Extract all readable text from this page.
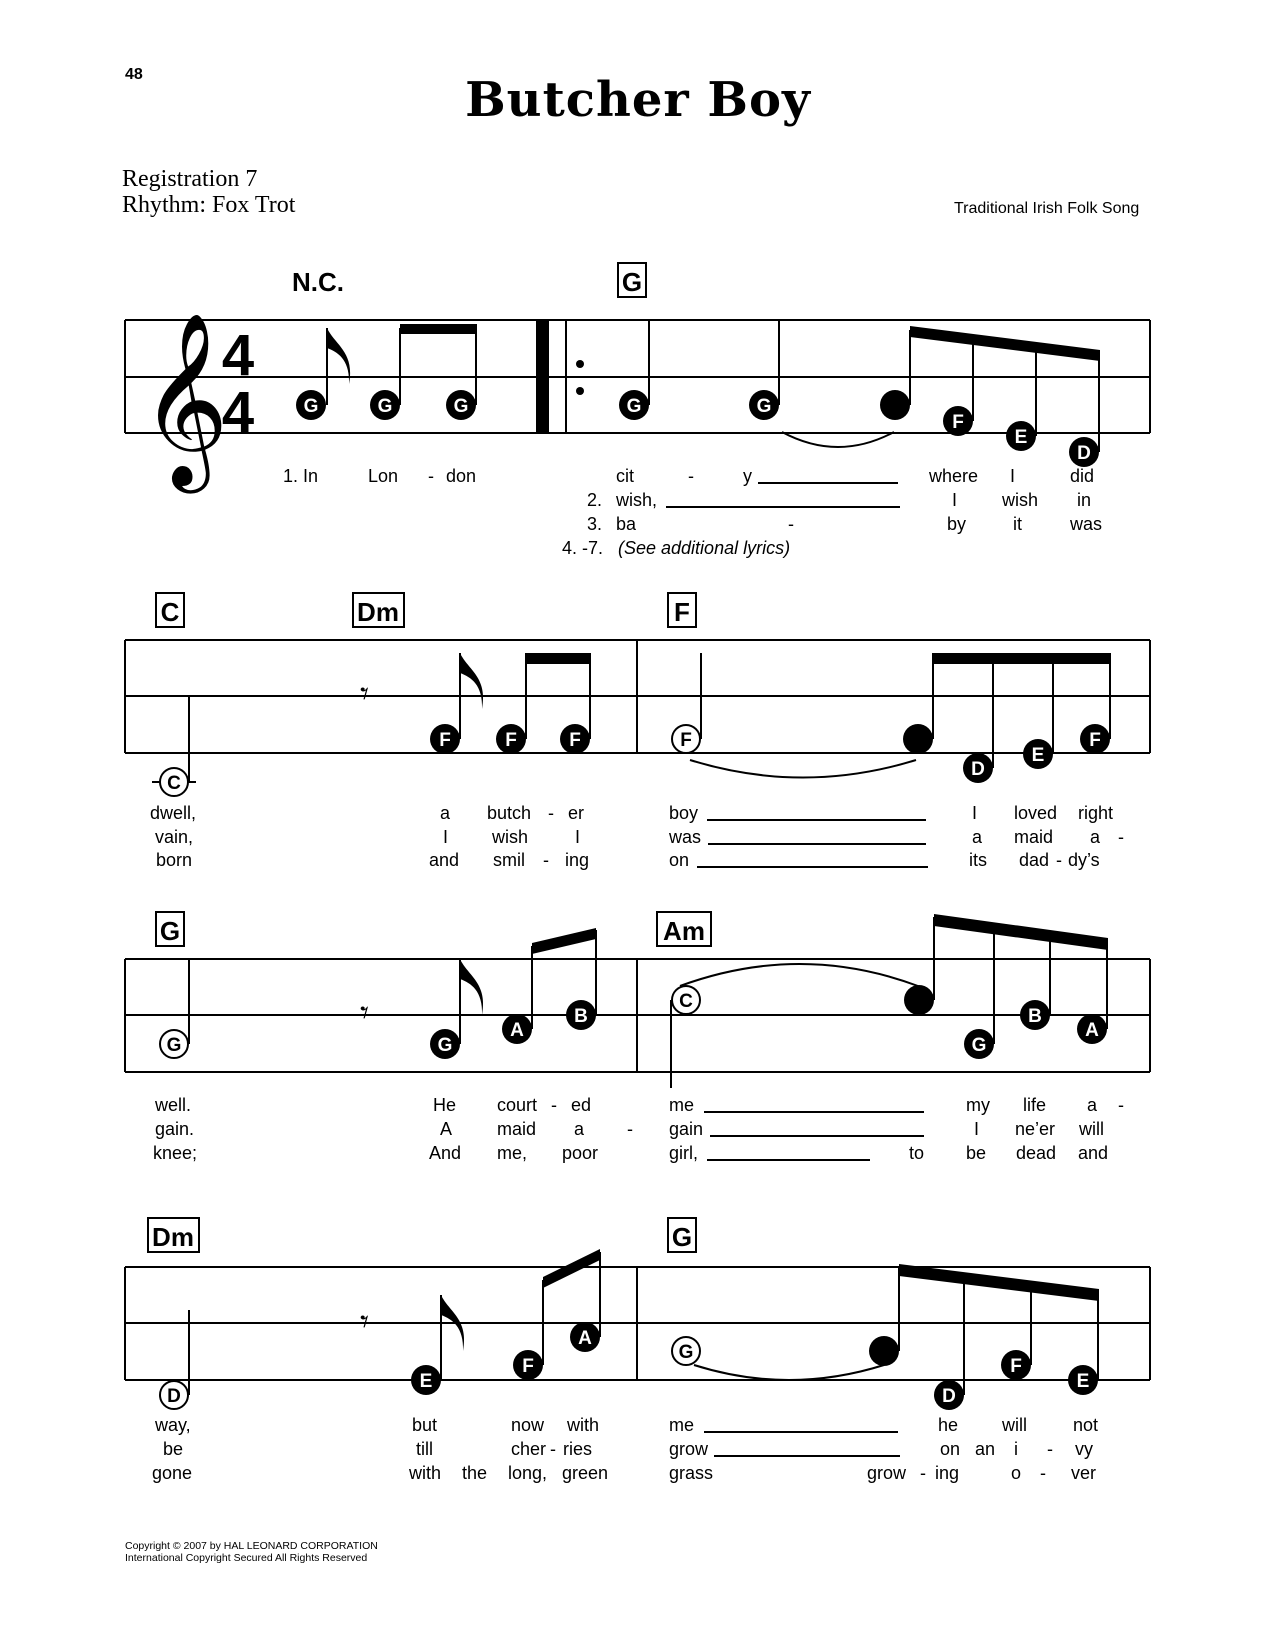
48	Butcher Boy
Registration 7
Rhythm: Fox Trot	Traditional Irish Folk Song
N.C.	G
𝄞
4
4	G	G	G	G	G
F
E
D
1. In	Lon - don	cit	-	y	where I	did
2. wish,	I wish in
3. ba	-	by	it	was
4. -7. (See additional lyrics)
C	Dm	F
𝄾
C
F	F	F	F
D
E
F
dwell,	a butch - er	boy	I loved right
vain,	I wish	I	was	a maid a -
born	and smil - ing	on	its dad - dy’s
G	Am
𝄾
G	G
A
B
C
G
B
A
well.	He court - ed	me	my life a -
gain.	A maid a - gain	I ne’er will
knee;	And me, poor	girl,	to be dead and
Dm	G
𝄾
D
E
F
A
G
D
F
E
way,	but	now with	me	he will	not
be	till	cher - ries	grow	on an i - vy
gone	with the long, green	grass	grow - ing	o - ver
Copyright © 2007 by HAL LEONARD CORPORATION
International Copyright Secured All Rights Reserved
